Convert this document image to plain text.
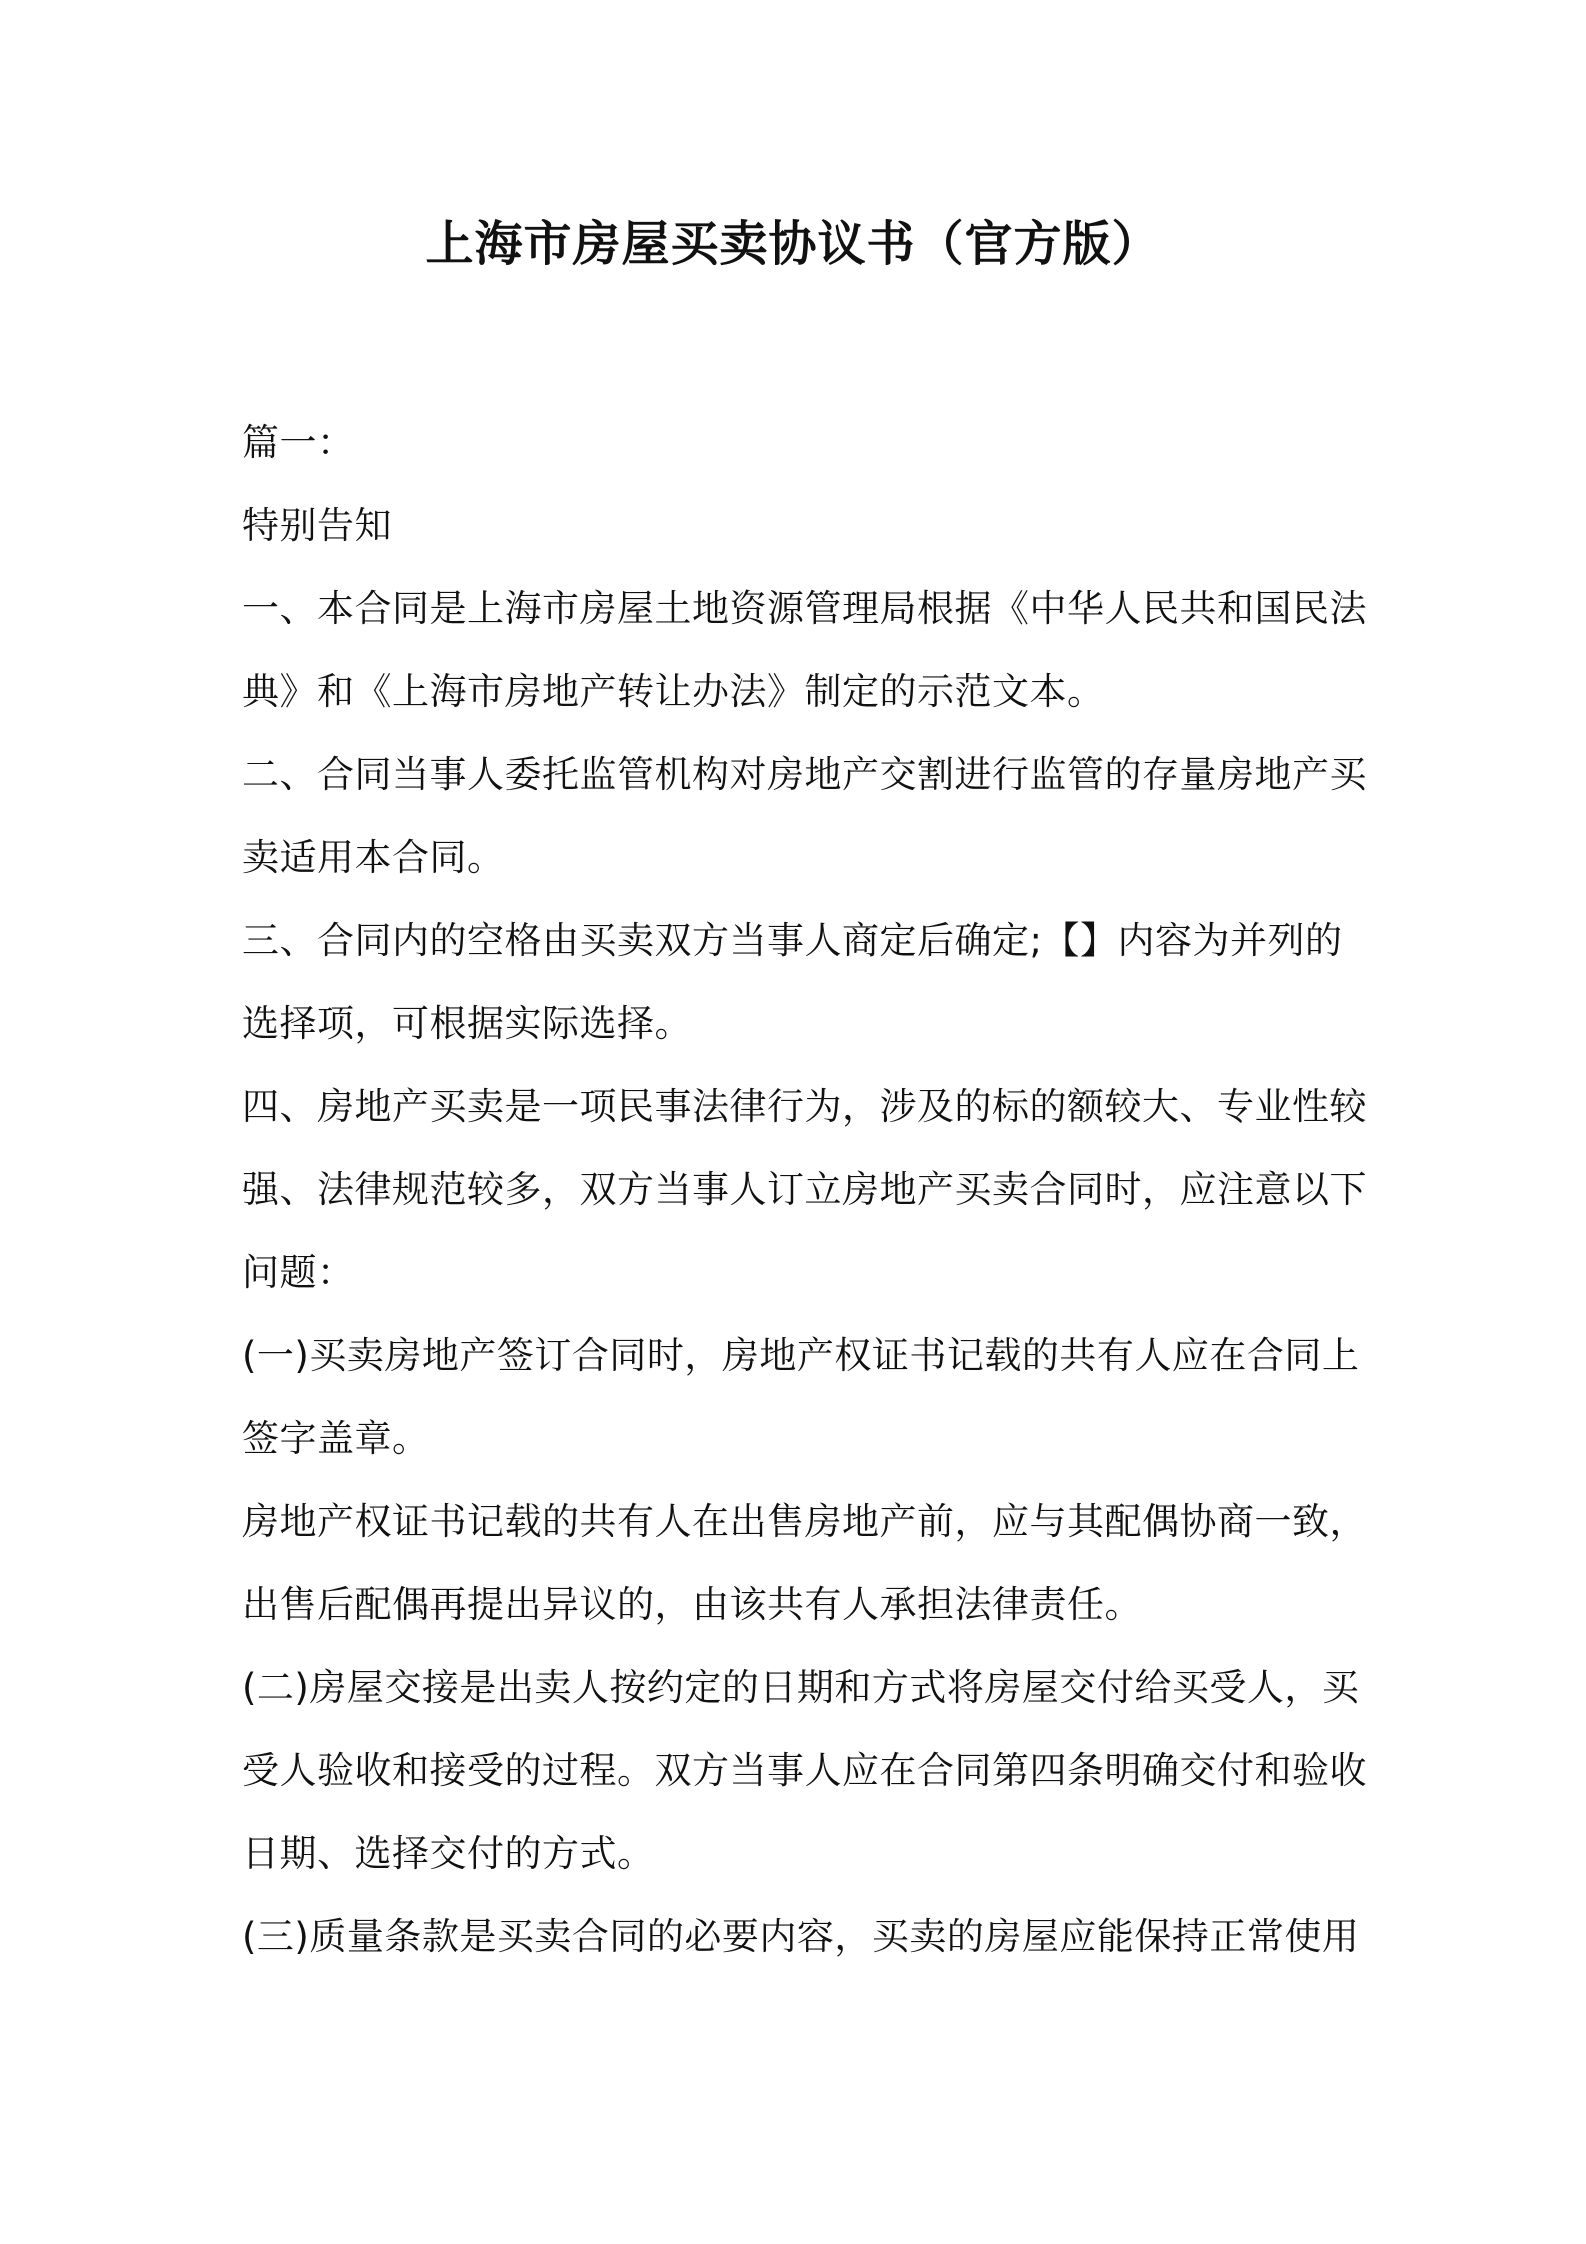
上海市房屋买卖协议书（官方版）
篇一：
特别告知
一、本合同是上海市房屋土地资源管理局根据《中华人民共和国民法
典》和《上海市房地产转让办法》制定的示范文本。
二、合同当事人委托监管机构对房地产交割进行监管的存量房地产买
卖适用本合同。
三、合同内的空格由买卖双方当事人商定后确定;【】内容为并列的
选择项，可根据实际选择。
四、房地产买卖是一项民事法律行为，涉及的标的额较大、专业性较
强、法律规范较多，双方当事人订立房地产买卖合同时，应注意以下
问题：
(一)买卖房地产签订合同时，房地产权证书记载的共有人应在合同上
签字盖章。
房地产权证书记载的共有人在出售房地产前，应与其配偶协商一致，
出售后配偶再提出异议的，由该共有人承担法律责任。
(二)房屋交接是出卖人按约定的日期和方式将房屋交付给买受人，买
受人验收和接受的过程。双方当事人应在合同第四条明确交付和验收
日期、选择交付的方式。
(三)质量条款是买卖合同的必要内容，买卖的房屋应能保持正常使用
